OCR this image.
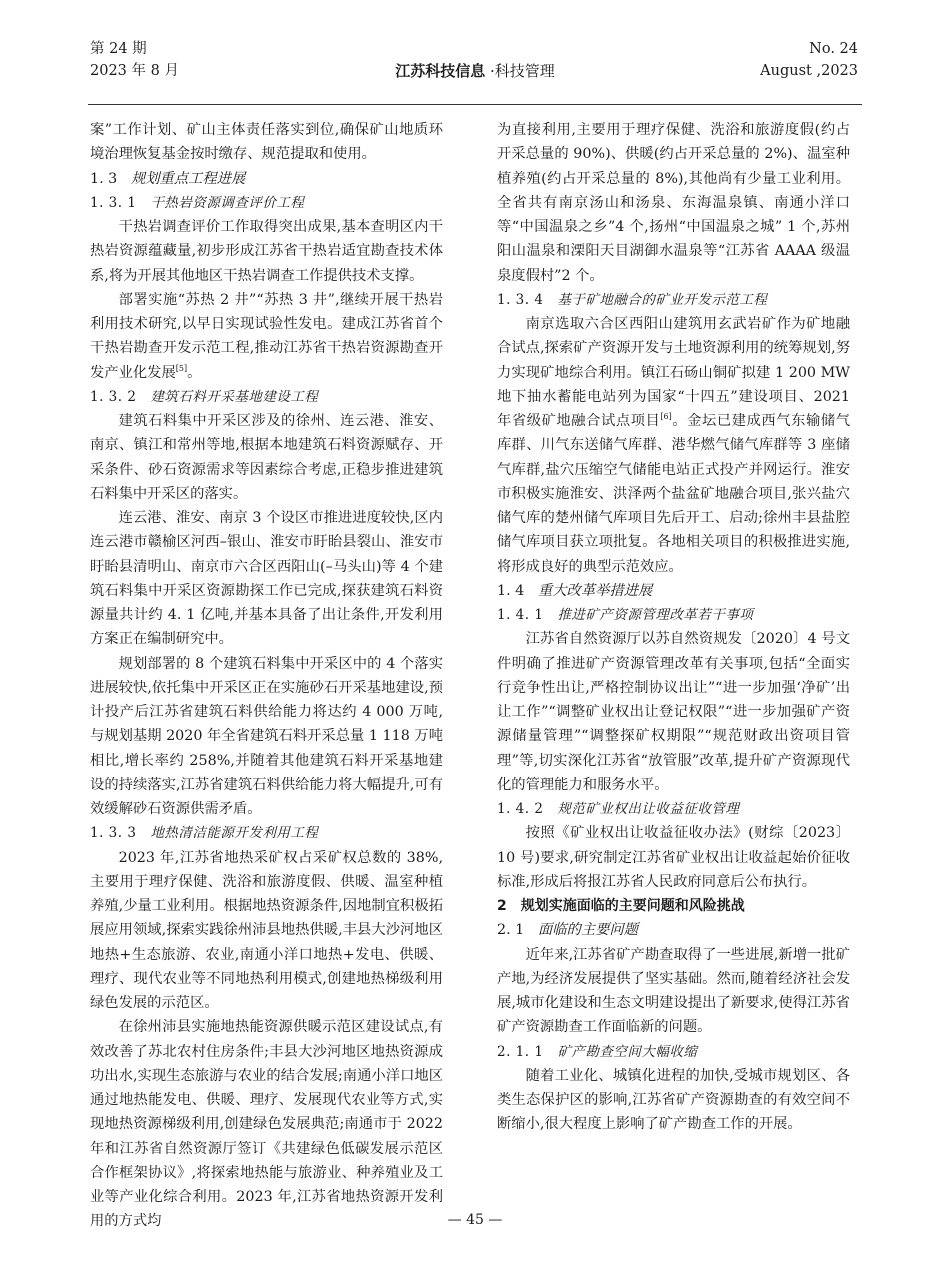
第 24 期
2023 年 8 月	江苏科技信息 ·科技管理
No. 24
August ,2023

案”工作计划、矿山主体责任落实到位,确保矿山地质环境治理恢复基金按时缴存、规范提取和使用。

1. 3 规划重点工程进展

1. 3. 1 干热岩资源调查评价工程

干热岩调查评价工作取得突出成果,基本查明区内干热岩资源蕴藏量,初步形成江苏省干热岩适宜勘查技术体系,将为开展其他地区干热岩调查工作提供技术支撑。

部署实施“苏热 2 井”“苏热 3 井”,继续开展干热岩利用技术研究,以早日实现试验性发电。建成江苏省首个干热岩勘查开发示范工程,推动江苏省干热岩资源勘查开发产业化发展[5]。

1. 3. 2 建筑石料开采基地建设工程

建筑石料集中开采区涉及的徐州、连云港、淮安、南京、镇江和常州等地,根据本地建筑石料资源赋存、开采条件、砂石资源需求等因素综合考虑,正稳步推进建筑石料集中开采区的落实。

连云港、淮安、南京 3 个设区市推进进度较快,区内连云港市赣榆区河西–银山、淮安市盱眙县裂山、淮安市盱眙县清明山、南京市六合区西阳山(–马头山)等 4 个建筑石料集中开采区资源勘探工作已完成,探获建筑石料资源量共计约 4. 1 亿吨,并基本具备了出让条件,开发利用方案正在编制研究中。

规划部署的 8 个建筑石料集中开采区中的 4 个落实进展较快,依托集中开采区正在实施砂石开采基地建设,预计投产后江苏省建筑石料供给能力将达约 4 000 万吨,与规划基期 2020 年全省建筑石料开采总量 1 118 万吨相比,增长率约 258%,并随着其他建筑石料开采基地建设的持续落实,江苏省建筑石料供给能力将大幅提升,可有效缓解砂石资源供需矛盾。

1. 3. 3 地热清洁能源开发利用工程

2023 年,江苏省地热采矿权占采矿权总数的 38%,主要用于理疗保健、洗浴和旅游度假、供暖、温室种植养殖,少量工业利用。根据地热资源条件,因地制宜积极拓展应用领域,探索实践徐州沛县地热供暖,丰县大沙河地区地热+生态旅游、农业,南通小洋口地热+发电、供暖、理疗、现代农业等不同地热利用模式,创建地热梯级利用绿色发展的示范区。

在徐州沛县实施地热能资源供暖示范区建设试点,有效改善了苏北农村住房条件;丰县大沙河地区地热资源成功出水,实现生态旅游与农业的结合发展;南通小洋口地区通过地热能发电、供暖、理疗、发展现代农业等方式,实现地热资源梯级利用,创建绿色发展典范;南通市于 2022 年和江苏省自然资源厅签订《共建绿色低碳发展示范区合作框架协议》,将探索地热能与旅游业、种养殖业及工业等产业化综合利用。2023 年,江苏省地热资源开发利用的方式均

为直接利用,主要用于理疗保健、洗浴和旅游度假(约占开采总量的 90%)、供暖(约占开采总量的 2%)、温室种植养殖(约占开采总量的 8%),其他尚有少量工业利用。全省共有南京汤山和汤泉、东海温泉镇、南通小洋口等“中国温泉之乡”4 个,扬州“中国温泉之城” 1 个,苏州阳山温泉和溧阳天目湖御水温泉等“江苏省 AAAA 级温泉度假村”2 个。

1. 3. 4 基于矿地融合的矿业开发示范工程

南京选取六合区西阳山建筑用玄武岩矿作为矿地融合试点,探索矿产资源开发与土地资源利用的统筹规划,努力实现矿地综合利用。镇江石砀山铜矿拟建 1 200 MW 地下抽水蓄能电站列为国家“十四五”建设项目、2021 年省级矿地融合试点项目[6]。金坛已建成西气东输储气库群、川气东送储气库群、港华燃气储气库群等 3 座储气库群,盐穴压缩空气储能电站正式投产并网运行。淮安市积极实施淮安、洪泽两个盐盆矿地融合项目,张兴盐穴储气库的楚州储气库项目先后开工、启动;徐州丰县盐腔储气库项目获立项批复。各地相关项目的积极推进实施,将形成良好的典型示范效应。

1. 4 重大改革举措进展

1. 4. 1 推进矿产资源管理改革若干事项

江苏省自然资源厅以苏自然资规发〔2020〕4 号文件明确了推进矿产资源管理改革有关事项,包括“全面实行竞争性出让,严格控制协议出让”“进一步加强‘净矿’出让工作”“调整矿业权出让登记权限”“进一步加强矿产资源储量管理”“调整探矿权期限”“规范财政出资项目管理”等,切实深化江苏省“放管服”改革,提升矿产资源现代化的管理能力和服务水平。

1. 4. 2 规范矿业权出让收益征收管理

按照《矿业权出让收益征收办法》(财综〔2023〕10 号)要求,研究制定江苏省矿业权出让收益起始价征收标准,形成后将报江苏省人民政府同意后公布执行。

2 规划实施面临的主要问题和风险挑战

2. 1 面临的主要问题

近年来,江苏省矿产勘查取得了一些进展,新增一批矿产地,为经济发展提供了坚实基础。然而,随着经济社会发展,城市化建设和生态文明建设提出了新要求,使得江苏省矿产资源勘查工作面临新的问题。

2. 1. 1 矿产勘查空间大幅收缩

随着工业化、城镇化进程的加快,受城市规划区、各类生态保护区的影响,江苏省矿产资源勘查的有效空间不断缩小,很大程度上影响了矿产勘查工作的开展。

— 45 —
